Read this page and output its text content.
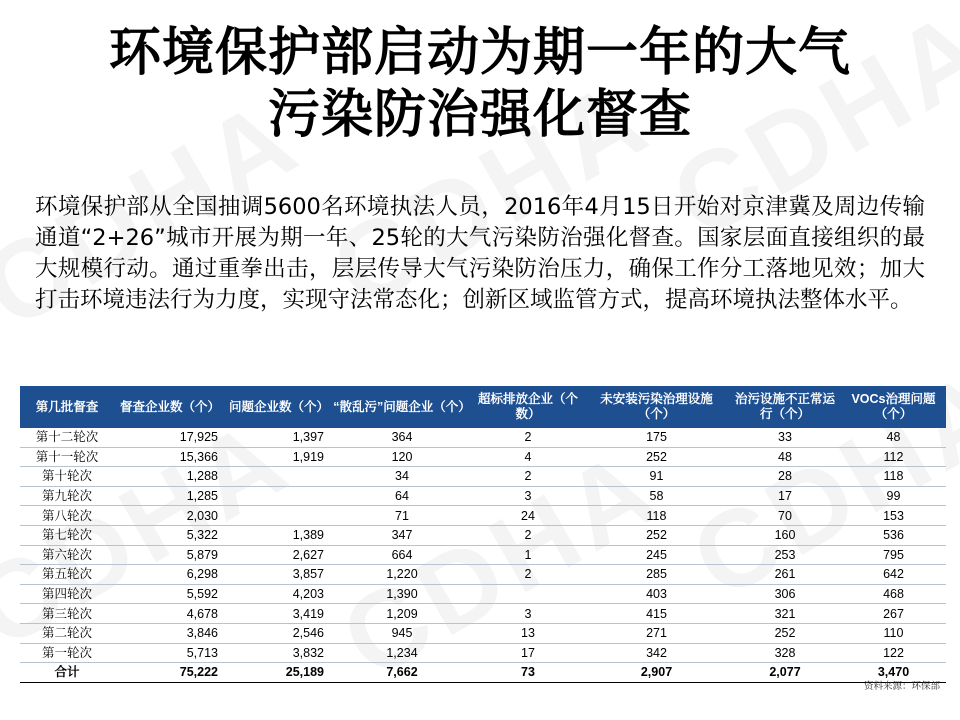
环境保护部启动为期一年的大气
污染防治强化督查
环境保护部从全国抽调5600名环境执法人员，2016年4月15日开始对京津冀及周边传输通道“2+26”城市开展为期一年、25轮的大气污染防治强化督查。国家层面直接组织的最大规模行动。通过重拳出击，层层传导大气污染防治压力，确保工作分工落地见效；加大打击环境违法行为力度，实现守法常态化；创新区域监管方式，提高环境执法整体水平。
第几批督查	督查企业数（个）	问题企业数（个）	“散乱污”问题企业（个）	超标排放企业（个数）	未安装污染治理设施（个）	治污设施不正常运行（个）	VOCs治理问题（个）
第十二轮次	17,925	1,397	364	2	175	33	48
第十一轮次	15,366	1,919	120	4	252	48	112
第十轮次	1,288		34	2	91	28	118
第九轮次	1,285		64	3	58	17	99
第八轮次	2,030		71	24	118	70	153
第七轮次	5,322	1,389	347	2	252	160	536
第六轮次	5,879	2,627	664	1	245	253	795
第五轮次	6,298	3,857	1,220	2	285	261	642
第四轮次	5,592	4,203	1,390		403	306	468
第三轮次	4,678	3,419	1,209	3	415	321	267
第二轮次	3,846	2,546	945	13	271	252	110
第一轮次	5,713	3,832	1,234	17	342	328	122
合计	75,222	25,189	7,662	73	2,907	2,077	3,470
资料来源：环保部
